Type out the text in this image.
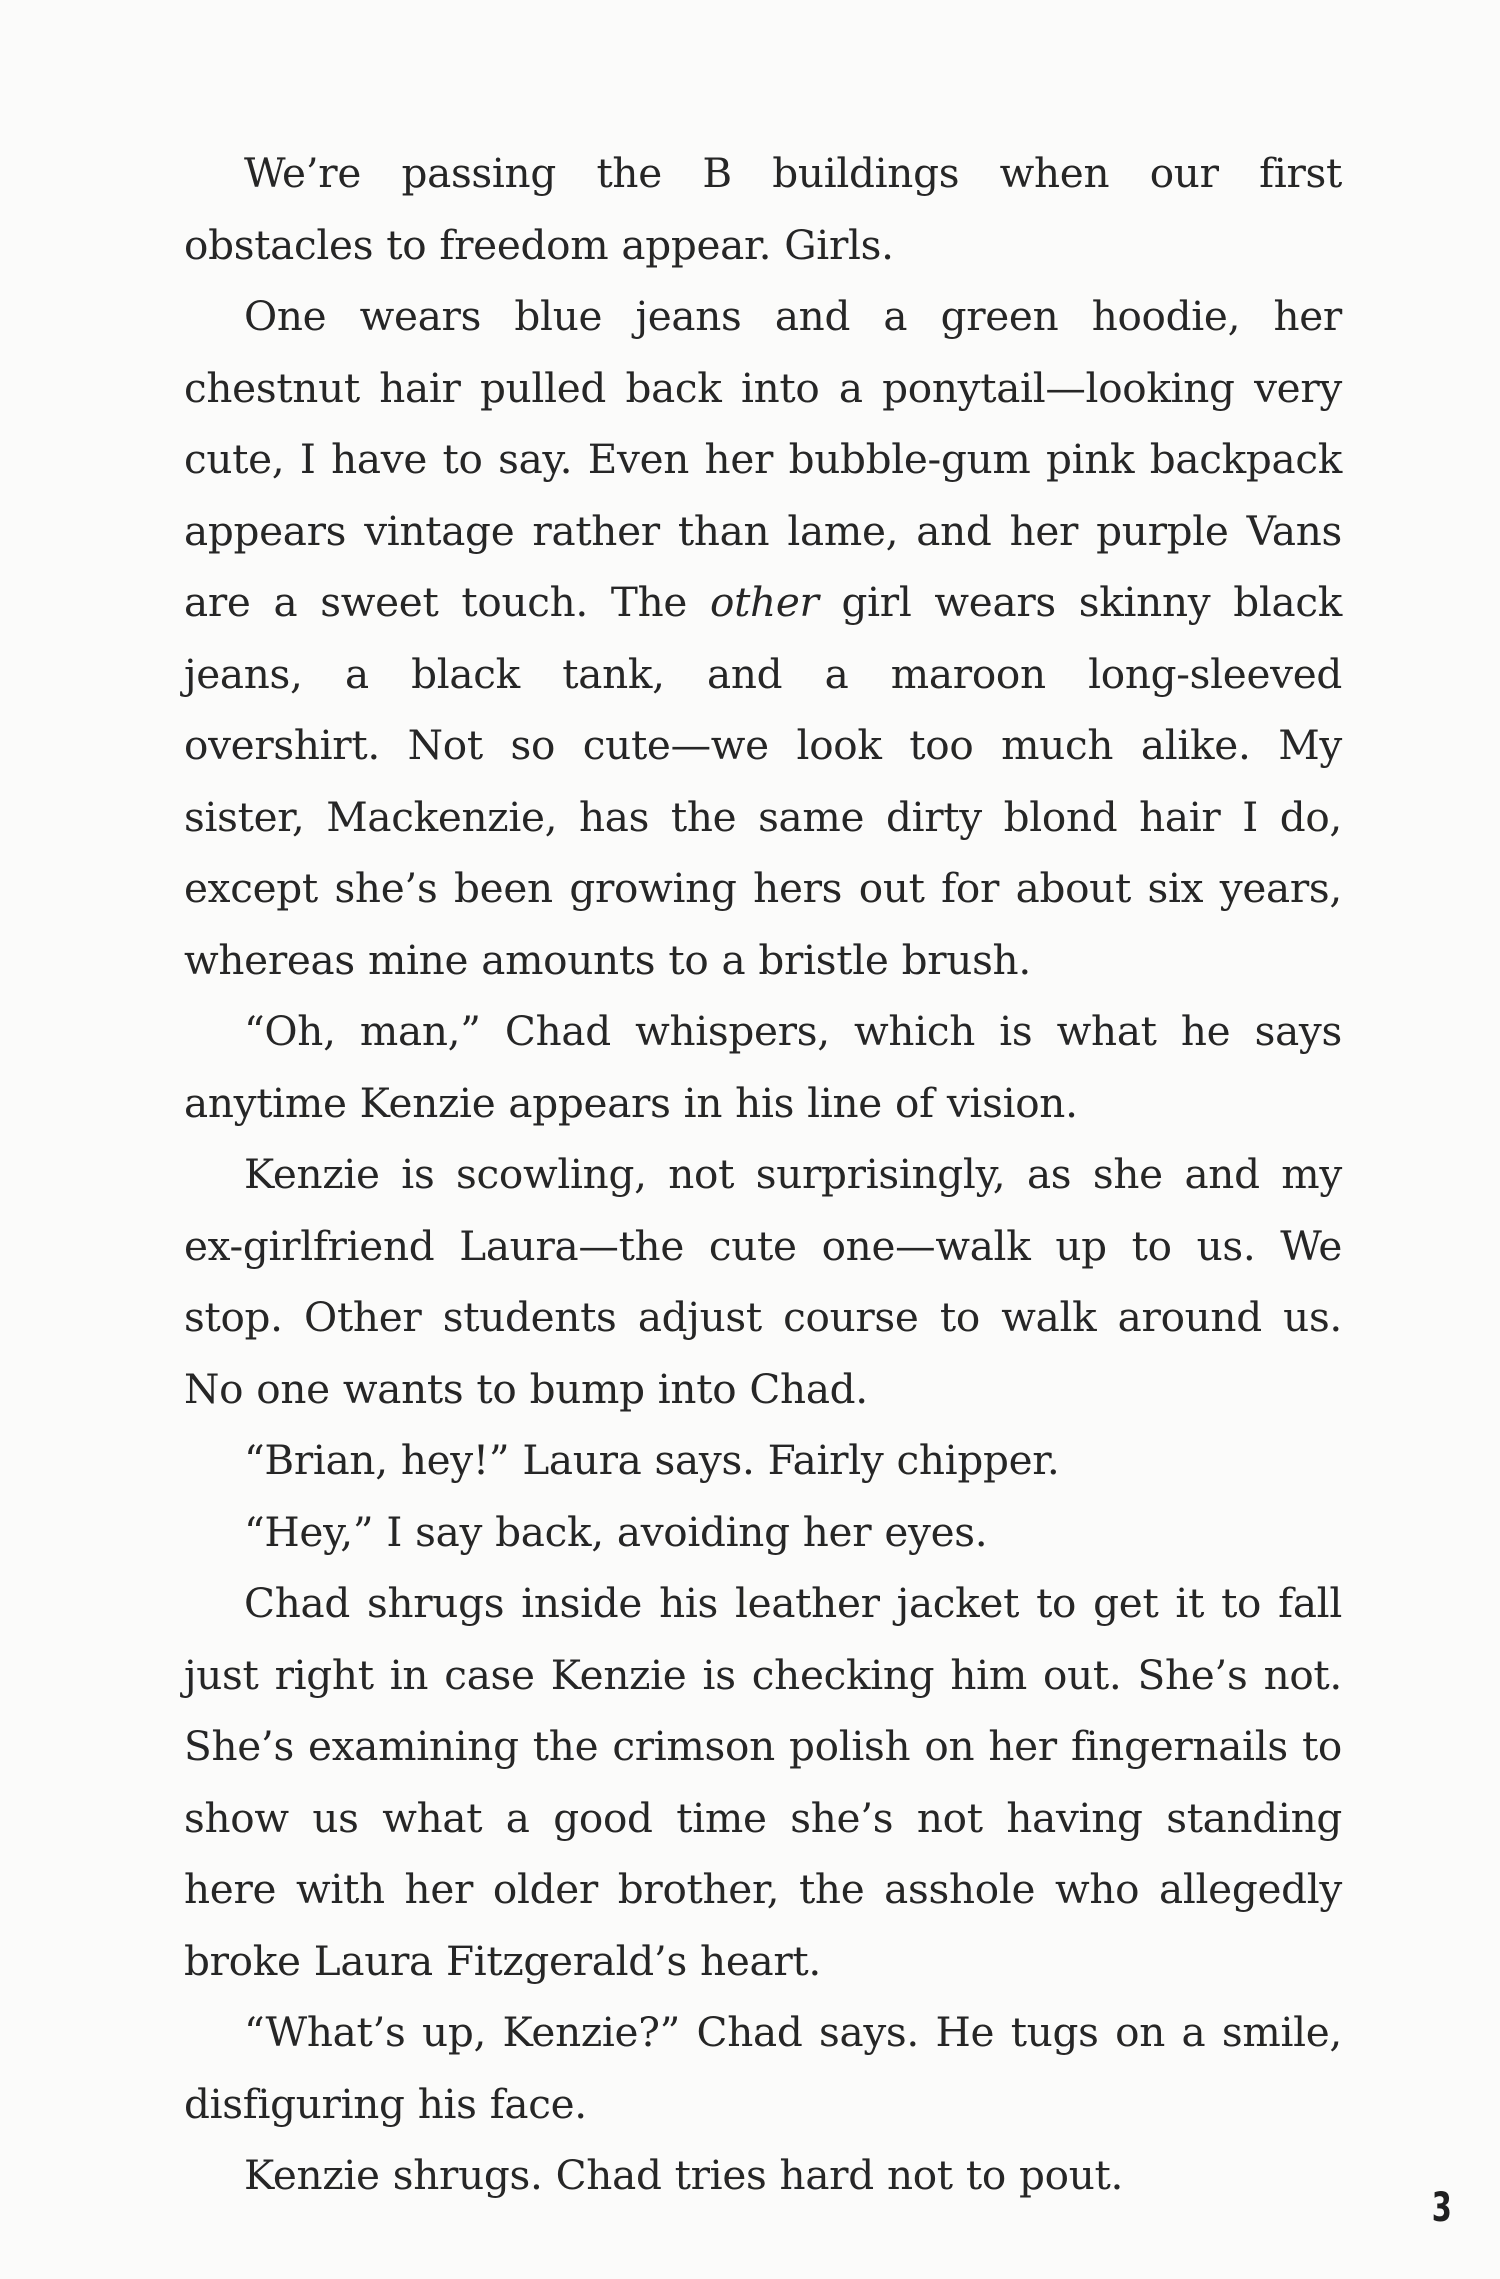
We’re passing the B buildings when our first obstacles to freedom appear. Girls.

One wears blue jeans and a green hoodie, her chestnut hair pulled back into a ponytail—looking very cute, I have to say. Even her bubble-gum pink backpack appears vintage rather than lame, and her purple Vans are a sweet touch. The other girl wears skinny black jeans, a black tank, and a maroon long-sleeved overshirt. Not so cute—we look too much alike. My sister, Mackenzie, has the same dirty blond hair I do, except she’s been growing hers out for about six years, whereas mine amounts to a bristle brush.

“Oh, man,” Chad whispers, which is what he says anytime Kenzie appears in his line of vision.

Kenzie is scowling, not surprisingly, as she and my ex-girlfriend Laura—the cute one—walk up to us. We stop. Other students adjust course to walk around us. No one wants to bump into Chad.

“Brian, hey!” Laura says. Fairly chipper.

“Hey,” I say back, avoiding her eyes.

Chad shrugs inside his leather jacket to get it to fall just right in case Kenzie is checking him out. She’s not. She’s examining the crimson polish on her fingernails to show us what a good time she’s not having standing here with her older brother, the asshole who allegedly broke Laura Fitzgerald’s heart.

“What’s up, Kenzie?” Chad says. He tugs on a smile, disfiguring his face.

Kenzie shrugs. Chad tries hard not to pout.

3
